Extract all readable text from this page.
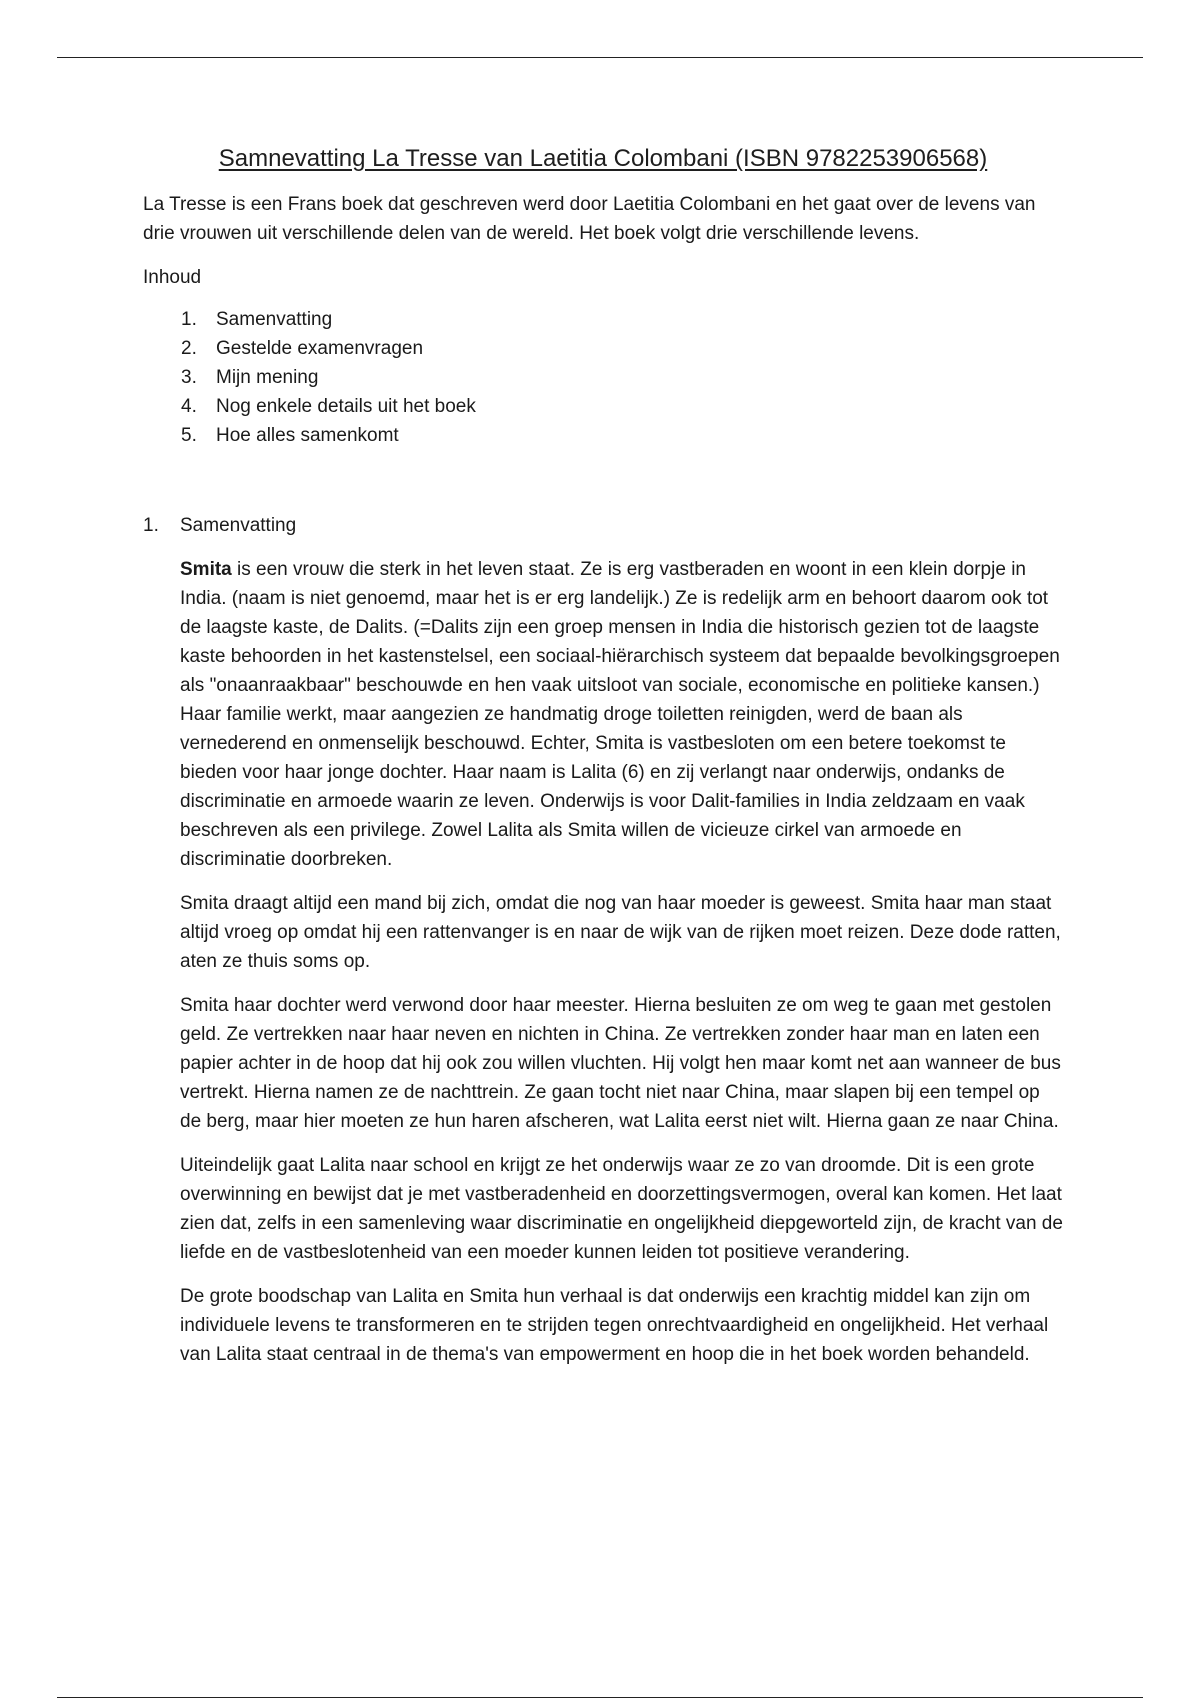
Samnevatting La Tresse van Laetitia Colombani (ISBN 9782253906568)

La Tresse is een Frans boek dat geschreven werd door Laetitia Colombani en het gaat over de levens van drie vrouwen uit verschillende delen van de wereld. Het boek volgt drie verschillende levens.

Inhoud

1. Samenvatting
2. Gestelde examenvragen
3. Mijn mening
4. Nog enkele details uit het boek
5. Hoe alles samenkomt
1. Samenvatting

Smita is een vrouw die sterk in het leven staat. Ze is erg vastberaden en woont in een klein dorpje in India. (naam is niet genoemd, maar het is er erg landelijk.) Ze is redelijk arm en behoort daarom ook tot de laagste kaste, de Dalits. (=Dalits zijn een groep mensen in India die historisch gezien tot de laagste kaste behoorden in het kastenstelsel, een sociaal-hiërarchisch systeem dat bepaalde bevolkingsgroepen als "onaanraakbaar" beschouwde en hen vaak uitsloot van sociale, economische en politieke kansen.) Haar familie werkt, maar aangezien ze handmatig droge toiletten reinigden, werd de baan als vernederend en onmenselijk beschouwd. Echter, Smita is vastbesloten om een betere toekomst te bieden voor haar jonge dochter. Haar naam is Lalita (6) en zij verlangt naar onderwijs, ondanks de discriminatie en armoede waarin ze leven. Onderwijs is voor Dalit-families in India zeldzaam en vaak beschreven als een privilege. Zowel Lalita als Smita willen de vicieuze cirkel van armoede en discriminatie doorbreken.

Smita draagt altijd een mand bij zich, omdat die nog van haar moeder is geweest. Smita haar man staat altijd vroeg op omdat hij een rattenvanger is en naar de wijk van de rijken moet reizen. Deze dode ratten, aten ze thuis soms op.

Smita haar dochter werd verwond door haar meester. Hierna besluiten ze om weg te gaan met gestolen geld. Ze vertrekken naar haar neven en nichten in China. Ze vertrekken zonder haar man en laten een papier achter in de hoop dat hij ook zou willen vluchten. Hij volgt hen maar komt net aan wanneer de bus vertrekt. Hierna namen ze de nachttrein. Ze gaan tocht niet naar China, maar slapen bij een tempel op de berg, maar hier moeten ze hun haren afscheren, wat Lalita eerst niet wilt. Hierna gaan ze naar China.

Uiteindelijk gaat Lalita naar school en krijgt ze het onderwijs waar ze zo van droomde. Dit is een grote overwinning en bewijst dat je met vastberadenheid en doorzettingsvermogen, overal kan komen. Het laat zien dat, zelfs in een samenleving waar discriminatie en ongelijkheid diepgeworteld zijn, de kracht van de liefde en de vastbeslotenheid van een moeder kunnen leiden tot positieve verandering.

De grote boodschap van Lalita en Smita hun verhaal is dat onderwijs een krachtig middel kan zijn om individuele levens te transformeren en te strijden tegen onrechtvaardigheid en ongelijkheid. Het verhaal van Lalita staat centraal in de thema's van empowerment en hoop die in het boek worden behandeld.
